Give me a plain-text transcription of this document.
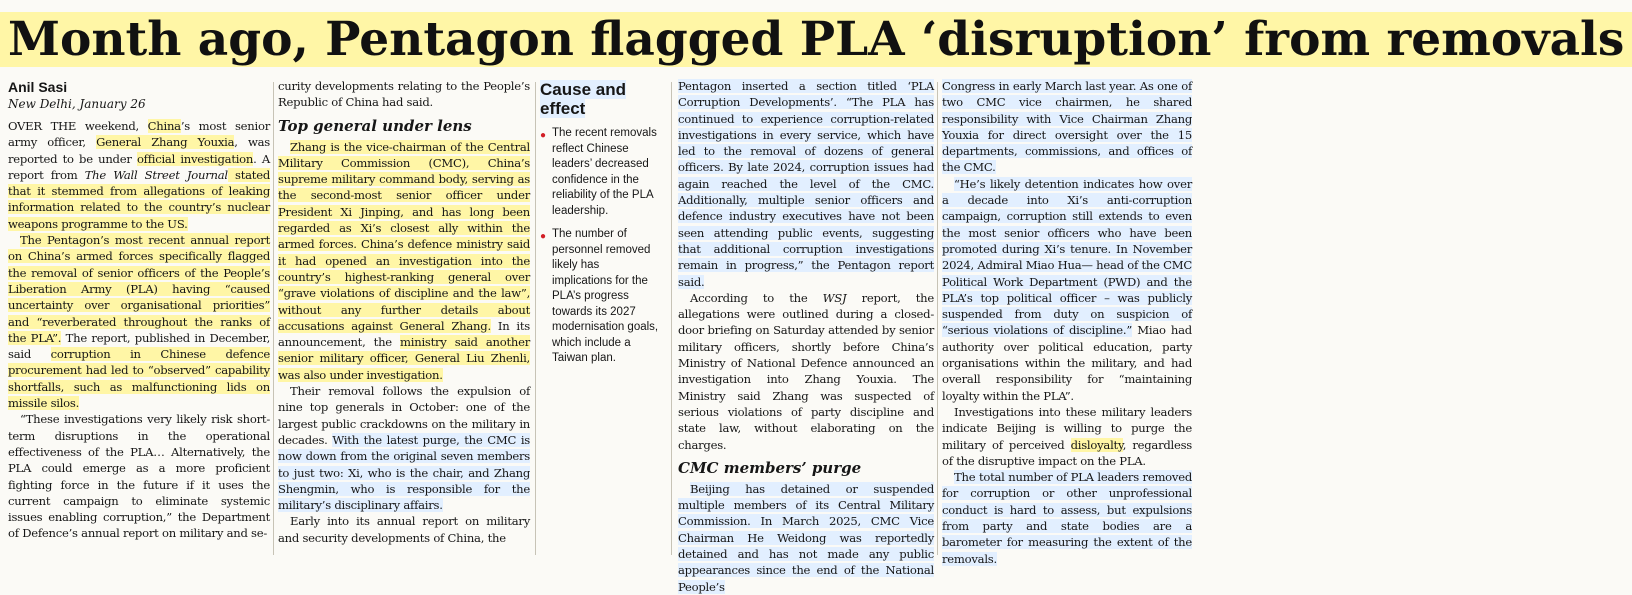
Month ago, Pentagon flagged PLA ‘disruption’ from removals

Anil Sasi

New Delhi, January 26

OVER THE weekend, China’s most senior army officer, General Zhang Youxia, was reported to be under official investigation. A report from The Wall Street Journal stated that it stemmed from allegations of leaking information related to the country’s nuclear weapons programme to the US.

The Pentagon’s most recent annual report on China’s armed forces specifically flagged the removal of senior officers of the People’s Liberation Army (PLA) having “caused uncertainty over organisational priorities” and “reverberated throughout the ranks of the PLA”. The report, published in December, said corruption in Chinese defence procurement had led to “observed” capability shortfalls, such as malfunctioning lids on missile silos.

“These investigations very likely risk short-term disruptions in the operational effectiveness of the PLA… Alternatively, the PLA could emerge as a more proficient fighting force in the future if it uses the current campaign to eliminate systemic issues enabling corruption,” the Department of Defence’s annual report on military and se-

curity developments relating to the People’s Republic of China had said.

Top general under lens

Zhang is the vice-chairman of the Central Military Commission (CMC), China’s supreme military command body, serving as the second-most senior officer under President Xi Jinping, and has long been regarded as Xi’s closest ally within the armed forces. China’s defence ministry said it had opened an investigation into the country’s highest-ranking general over “grave violations of discipline and the law”, without any further details about accusations against General Zhang. In its announcement, the ministry said another senior military officer, General Liu Zhenli, was also under investigation.

Their removal follows the expulsion of nine top generals in October: one of the largest public crackdowns on the military in decades. With the latest purge, the CMC is now down from the original seven members to just two: Xi, who is the chair, and Zhang Shengmin, who is responsible for the military’s disciplinary affairs.

Early into its annual report on military and security developments of China, the

Cause and effect

● The recent removals reflect Chinese leaders’ decreased confidence in the reliability of the PLA leadership.

● The number of personnel removed likely has implications for the PLA’s progress towards its 2027 modernisation goals, which include a Taiwan plan.

Pentagon inserted a section titled ‘PLA Corruption Developments’. “The PLA has continued to experience corruption-related investigations in every service, which have led to the removal of dozens of general officers. By late 2024, corruption issues had again reached the level of the CMC. Additionally, multiple senior officers and defence industry executives have not been seen attending public events, suggesting that additional corruption investigations remain in progress,” the Pentagon report said.

According to the WSJ report, the allegations were outlined during a closed-door briefing on Saturday attended by senior military officers, shortly before China’s Ministry of National Defence announced an investigation into Zhang Youxia. The Ministry said Zhang was suspected of serious violations of party discipline and state law, without elaborating on the charges.

CMC members’ purge

Beijing has detained or suspended multiple members of its Central Military Commission. In March 2025, CMC Vice Chairman He Weidong was reportedly detained and has not made any public appearances since the end of the National People’s

Congress in early March last year. As one of two CMC vice chairmen, he shared responsibility with Vice Chairman Zhang Youxia for direct oversight over the 15 departments, commissions, and offices of the CMC.

“He’s likely detention indicates how over a decade into Xi’s anti-corruption campaign, corruption still extends to even the most senior officers who have been promoted during Xi’s tenure. In November 2024, Admiral Miao Hua— head of the CMC Political Work Department (PWD) and the PLA’s top political officer – was publicly suspended from duty on suspicion of “serious violations of discipline.” Miao had authority over political education, party organisations within the military, and had overall responsibility for “maintaining loyalty within the PLA”.

Investigations into these military leaders indicate Beijing is willing to purge the military of perceived disloyalty, regardless of the disruptive impact on the PLA.

The total number of PLA leaders removed for corruption or other unprofessional conduct is hard to assess, but expulsions from party and state bodies are a barometer for measuring the extent of the removals.
